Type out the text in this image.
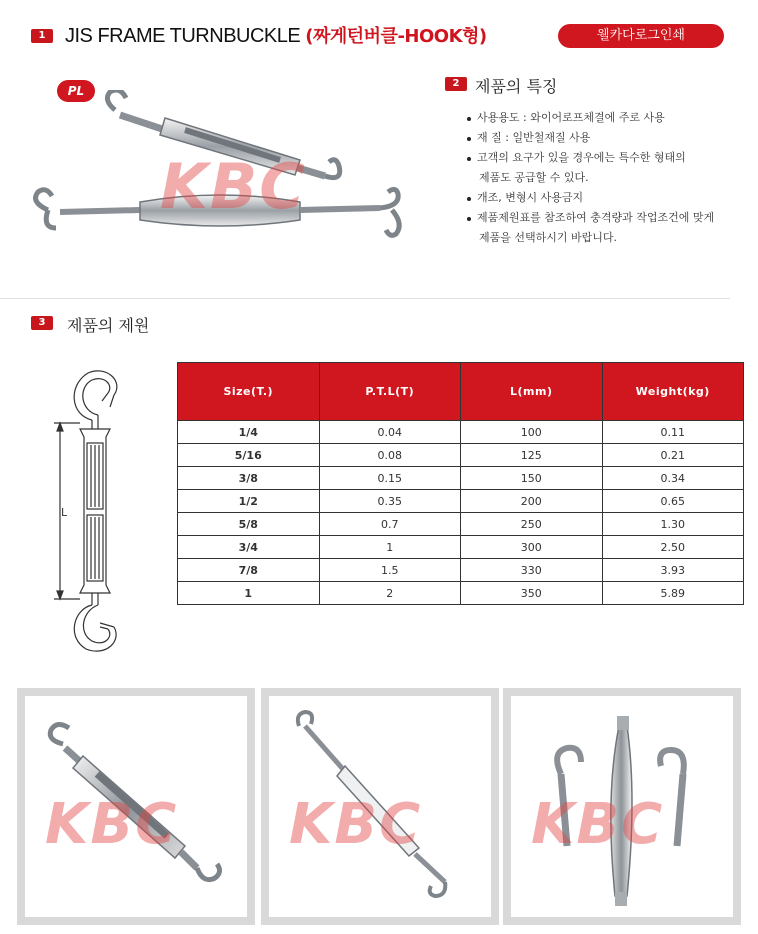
1 JIS FRAME TURNBUCKLE (짜게턴버클-HOOK형)	웰카다로그인쇄
PL
KBC
2 제품의 특징
사용용도 : 와이어로프체결에 주로 사용
재 질 : 일반철재질 사용
고객의 요구가 있을 경우에는 특수한 형태의
제품도 공급할 수 있다.
개조, 변형시 사용금지
제품제원표를 참조하여 충격량과 작업조건에 맞게
제품을 선택하시기 바랍니다.
3	제품의 제원
L
Size(T.)	P.T.L(T)	L(mm)	Weight(kg)
1/4	0.04	100	0.11
5/16	0.08	125	0.21
3/8	0.15	150	0.34
1/2	0.35	200	0.65
5/8	0.7	250	1.30
3/4	1	300	2.50
7/8	1.5	330	3.93
1	2	350	5.89
KBC KBC KBC
